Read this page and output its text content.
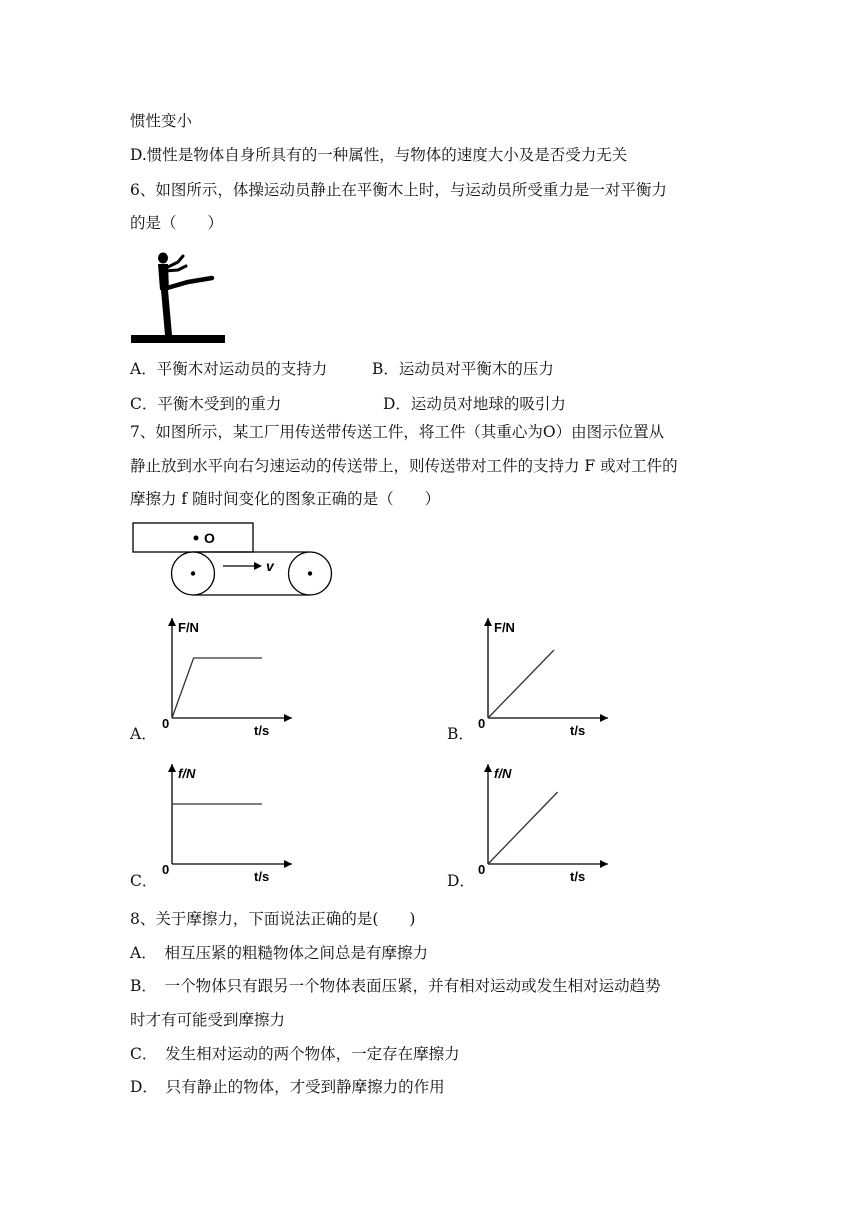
惯性变小
D.惯性是物体自身所具有的一种属性，与物体的速度大小及是否受力无关
6、如图所示，体操运动员静止在平衡木上时，与运动员所受重力是一对平衡力
的是（　　）
A．平衡木对运动员的支持力	B．运动员对平衡木的压力
C．平衡木受到的重力	D．运动员对地球的吸引力
7、如图所示，某工厂用传送带传送工件，将工件（其重心为O）由图示位置从
静止放到水平向右匀速运动的传送带上，则传送带对工件的支持力 F 或对工件的
摩擦力 f 随时间变化的图象正确的是（　　）
O
v
F/N
t/s
0
F/N
t/s
0
f/N
t/s
0
f/N
t/s
0
A．	B．
C．	D．
8、关于摩擦力，下面说法正确的是(　　)
A．　相互压紧的粗糙物体之间总是有摩擦力
B．　一个物体只有跟另一个物体表面压紧，并有相对运动或发生相对运动趋势
时才有可能受到摩擦力
C．　发生相对运动的两个物体，一定存在摩擦力
D．　只有静止的物体，才受到静摩擦力的作用
